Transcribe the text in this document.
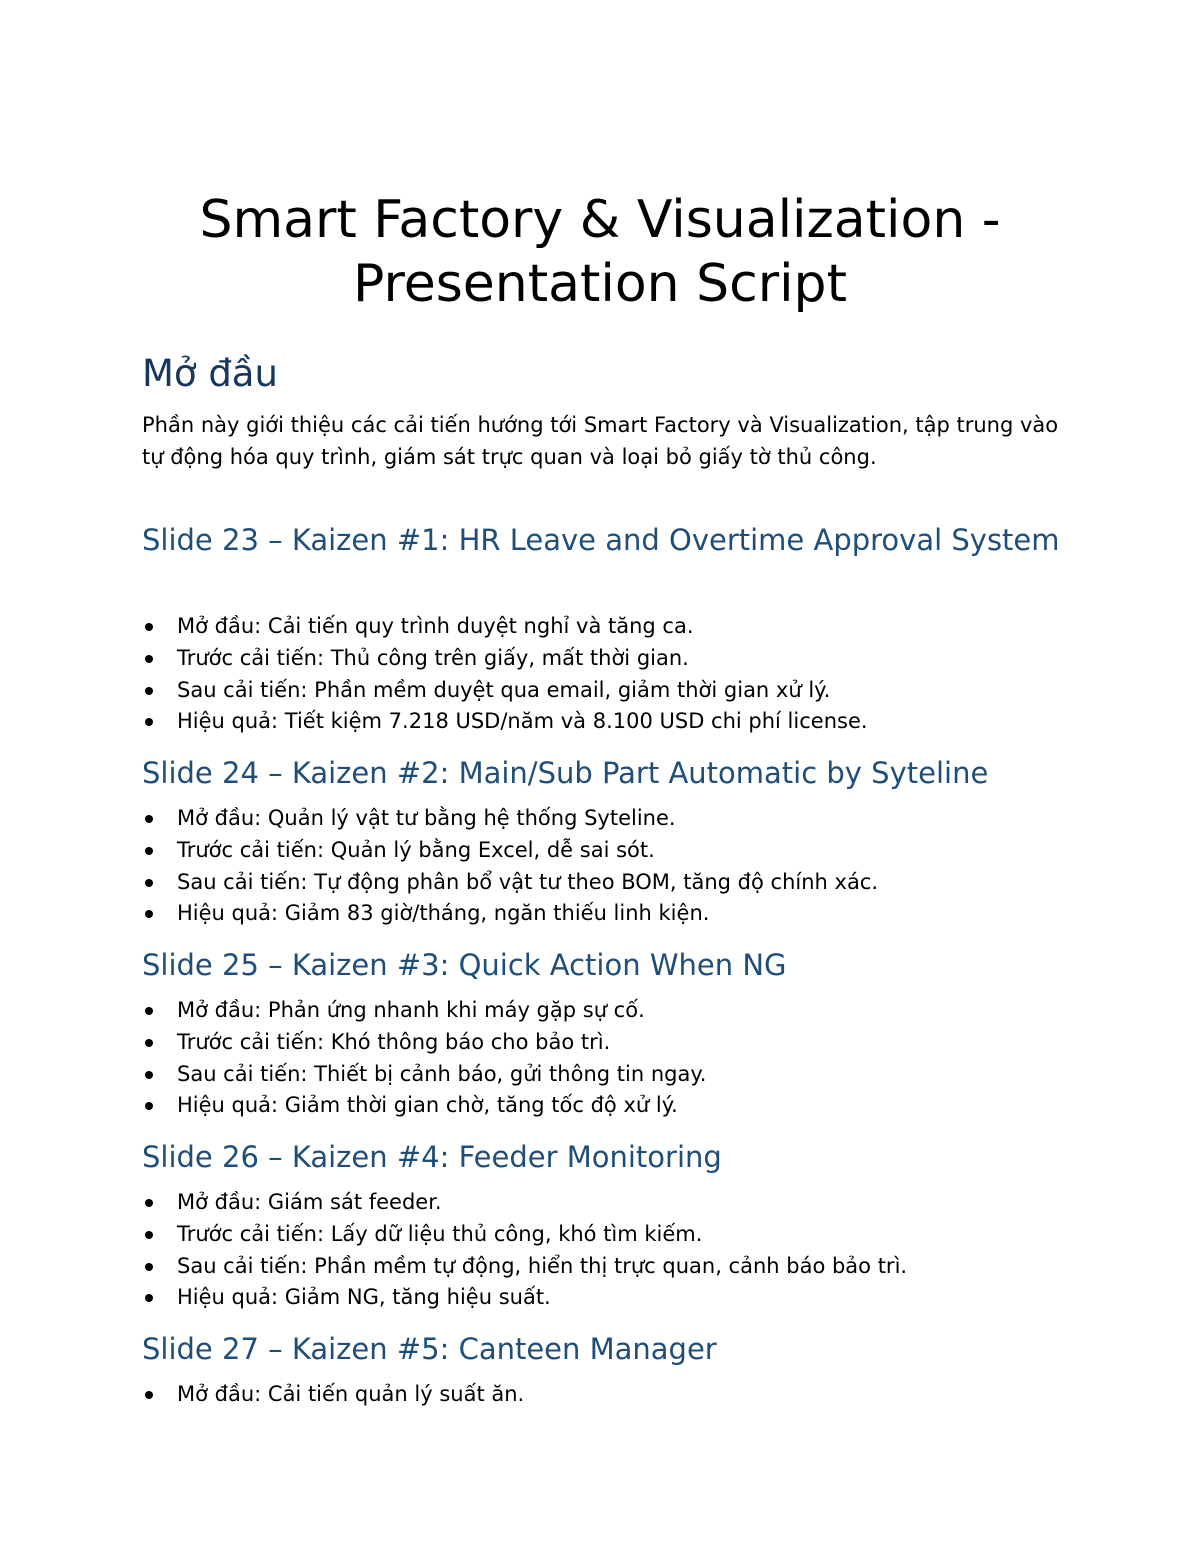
Smart Factory & Visualization - Presentation Script
Mở đầu

Phần này giới thiệu các cải tiến hướng tới Smart Factory và Visualization, tập trung vào tự động hóa quy trình, giám sát trực quan và loại bỏ giấy tờ thủ công.

Slide 23 – Kaizen #1: HR Leave and Overtime Approval System
Mở đầu: Cải tiến quy trình duyệt nghỉ và tăng ca.
Trước cải tiến: Thủ công trên giấy, mất thời gian.
Sau cải tiến: Phần mềm duyệt qua email, giảm thời gian xử lý.
Hiệu quả: Tiết kiệm 7.218 USD/năm và 8.100 USD chi phí license.
Slide 24 – Kaizen #2: Main/Sub Part Automatic by Syteline
Mở đầu: Quản lý vật tư bằng hệ thống Syteline.
Trước cải tiến: Quản lý bằng Excel, dễ sai sót.
Sau cải tiến: Tự động phân bổ vật tư theo BOM, tăng độ chính xác.
Hiệu quả: Giảm 83 giờ/tháng, ngăn thiếu linh kiện.
Slide 25 – Kaizen #3: Quick Action When NG
Mở đầu: Phản ứng nhanh khi máy gặp sự cố.
Trước cải tiến: Khó thông báo cho bảo trì.
Sau cải tiến: Thiết bị cảnh báo, gửi thông tin ngay.
Hiệu quả: Giảm thời gian chờ, tăng tốc độ xử lý.
Slide 26 – Kaizen #4: Feeder Monitoring
Mở đầu: Giám sát feeder.
Trước cải tiến: Lấy dữ liệu thủ công, khó tìm kiếm.
Sau cải tiến: Phần mềm tự động, hiển thị trực quan, cảnh báo bảo trì.
Hiệu quả: Giảm NG, tăng hiệu suất.
Slide 27 – Kaizen #5: Canteen Manager
Mở đầu: Cải tiến quản lý suất ăn.
